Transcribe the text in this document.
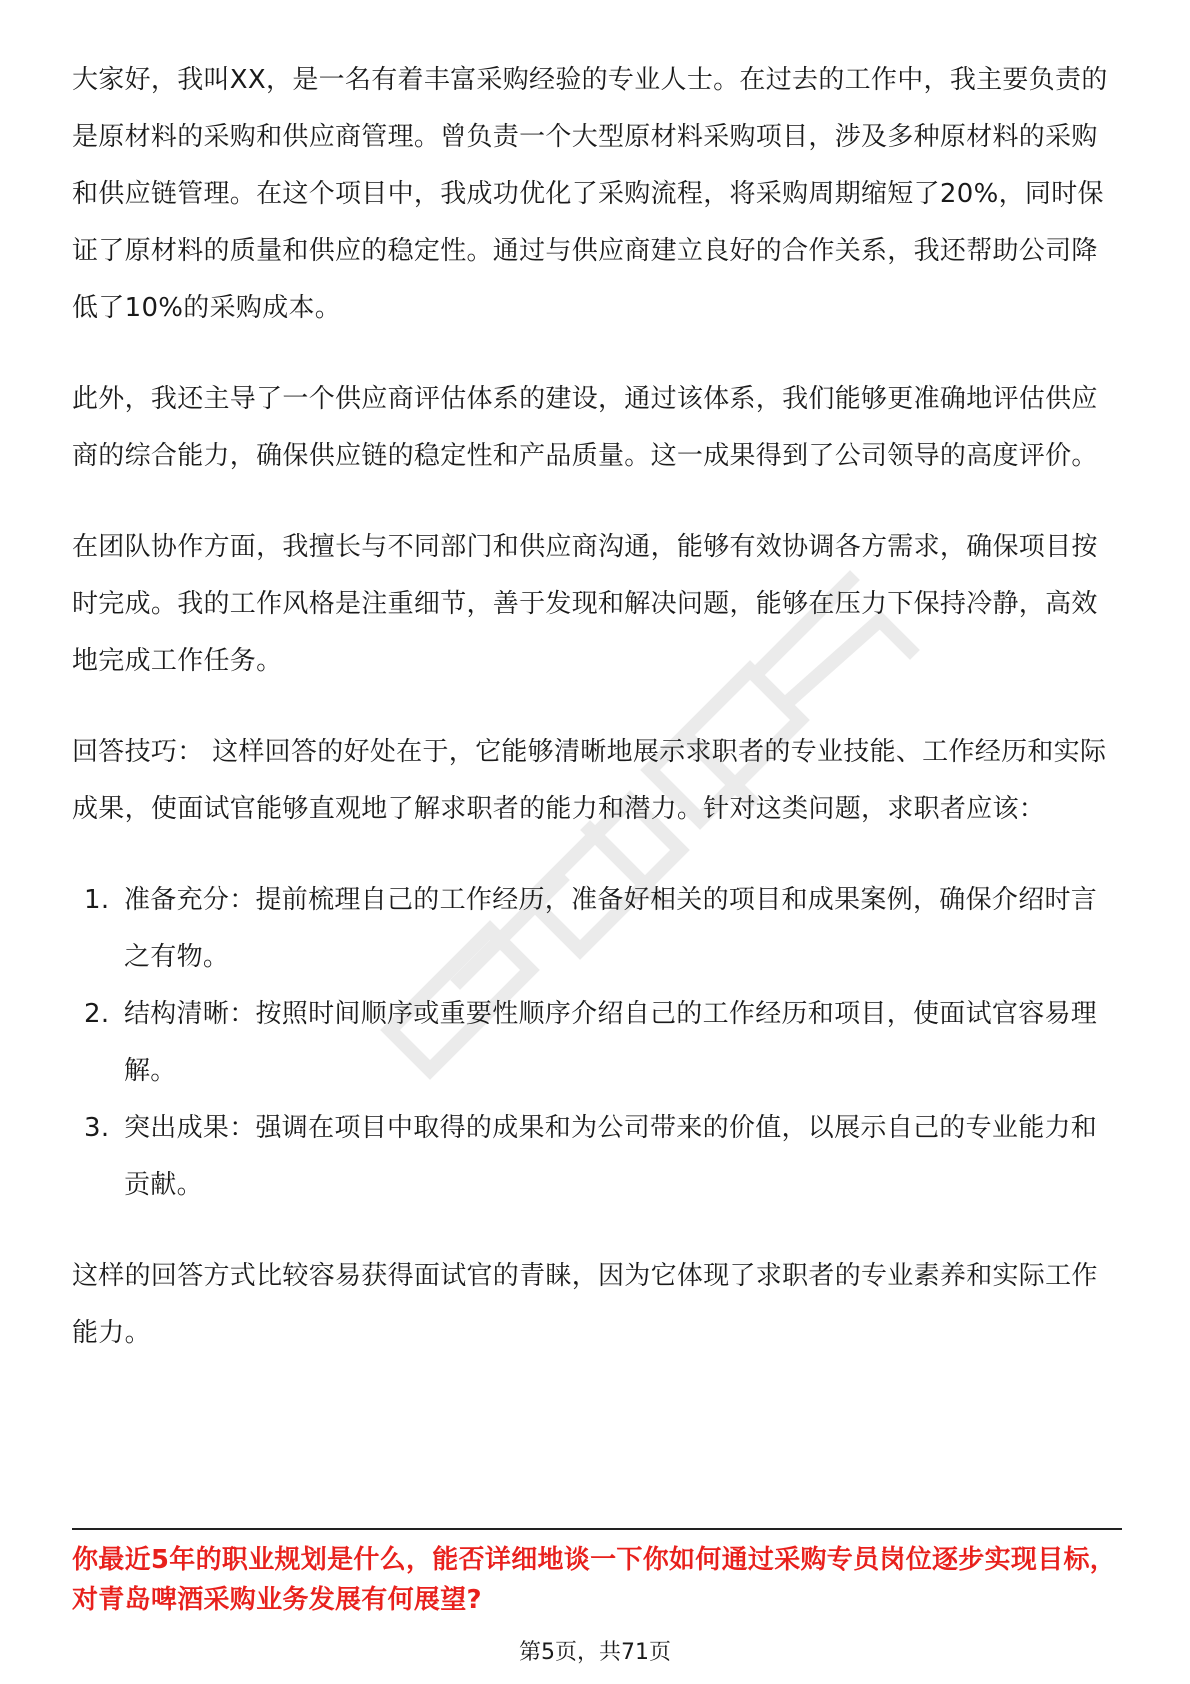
大家好，我叫XX，是一名有着丰富采购经验的专业人士。在过去的工作中，我主要负责的是原材料的采购和供应商管理。曾负责一个大型原材料采购项目，涉及多种原材料的采购和供应链管理。在这个项目中，我成功优化了采购流程，将采购周期缩短了20%，同时保证了原材料的质量和供应的稳定性。通过与供应商建立良好的合作关系，我还帮助公司降低了10%的采购成本。

此外，我还主导了一个供应商评估体系的建设，通过该体系，我们能够更准确地评估供应商的综合能力，确保供应链的稳定性和产品质量。这一成果得到了公司领导的高度评价。

在团队协作方面，我擅长与不同部门和供应商沟通，能够有效协调各方需求，确保项目按时完成。我的工作风格是注重细节，善于发现和解决问题，能够在压力下保持冷静，高效地完成工作任务。

回答技巧： 这样回答的好处在于，它能够清晰地展示求职者的专业技能、工作经历和实际成果，使面试官能够直观地了解求职者的能力和潜力。针对这类问题，求职者应该：

1. 准备充分：提前梳理自己的工作经历，准备好相关的项目和成果案例，确保介绍时言之有物。
2. 结构清晰：按照时间顺序或重要性顺序介绍自己的工作经历和项目，使面试官容易理解。
3. 突出成果：强调在项目中取得的成果和为公司带来的价值，以展示自己的专业能力和贡献。

这样的回答方式比较容易获得面试官的青睐，因为它体现了求职者的专业素养和实际工作能力。

你最近5年的职业规划是什么，能否详细地谈一下你如何通过采购专员岗位逐步实现目标，对青岛啤酒采购业务发展有何展望?
第5页，共71页
